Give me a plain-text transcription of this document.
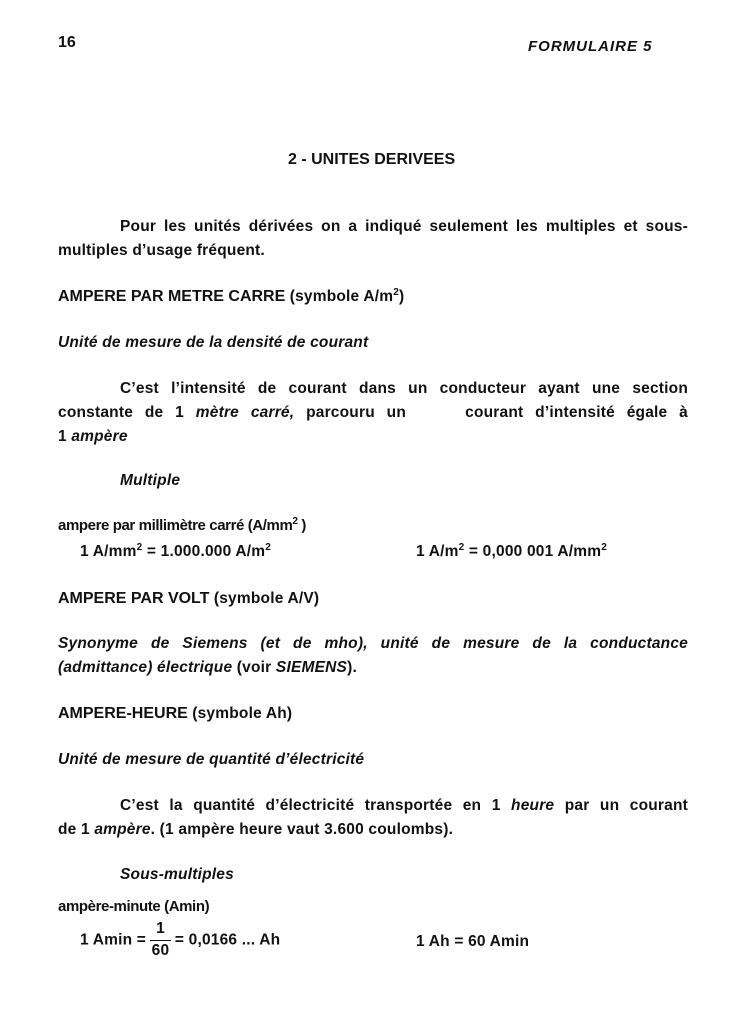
16	FORMULAIRE 5
2 - UNITES DERIVEES
Pour les unités dérivées on a indiqué seulement les multiples et sous-
multiples d’usage fréquent.
AMPERE PAR METRE CARRE (symbole $A/m^2$)
Unité de mesure de la densité de courant
C’est l’intensité de courant dans un conducteur ayant une section
constante de 1 mètre carré, parcouru un     courant d’intensité égale à
1 ampère
Multiple
ampere par millimètre carré ($A/mm^2$ )
1 $A/mm^2 = 1.000.000$ $A/m^2$	1 $A/m^2 = 0,000$ 001 $A/mm^2$
AMPERE PAR VOLT (symbole A/V)
Synonyme de Siemens (et de mho), unité de mesure de la conductance
(admittance) électrique (voir SIEMENS).
AMPERE-HEURE (symbole Ah)
Unité de mesure de quantité d’électricité
C’est la quantité d’électricité transportée en 1 heure par un courant
de 1 ampère. (1 ampère heure vaut 3.600 coulombs).
Sous-multiples
ampère-minute (Amin)
1 $Amin = \frac{1}{60} = 0,0166$ ... Ah	1 Ah = 60 Amin
